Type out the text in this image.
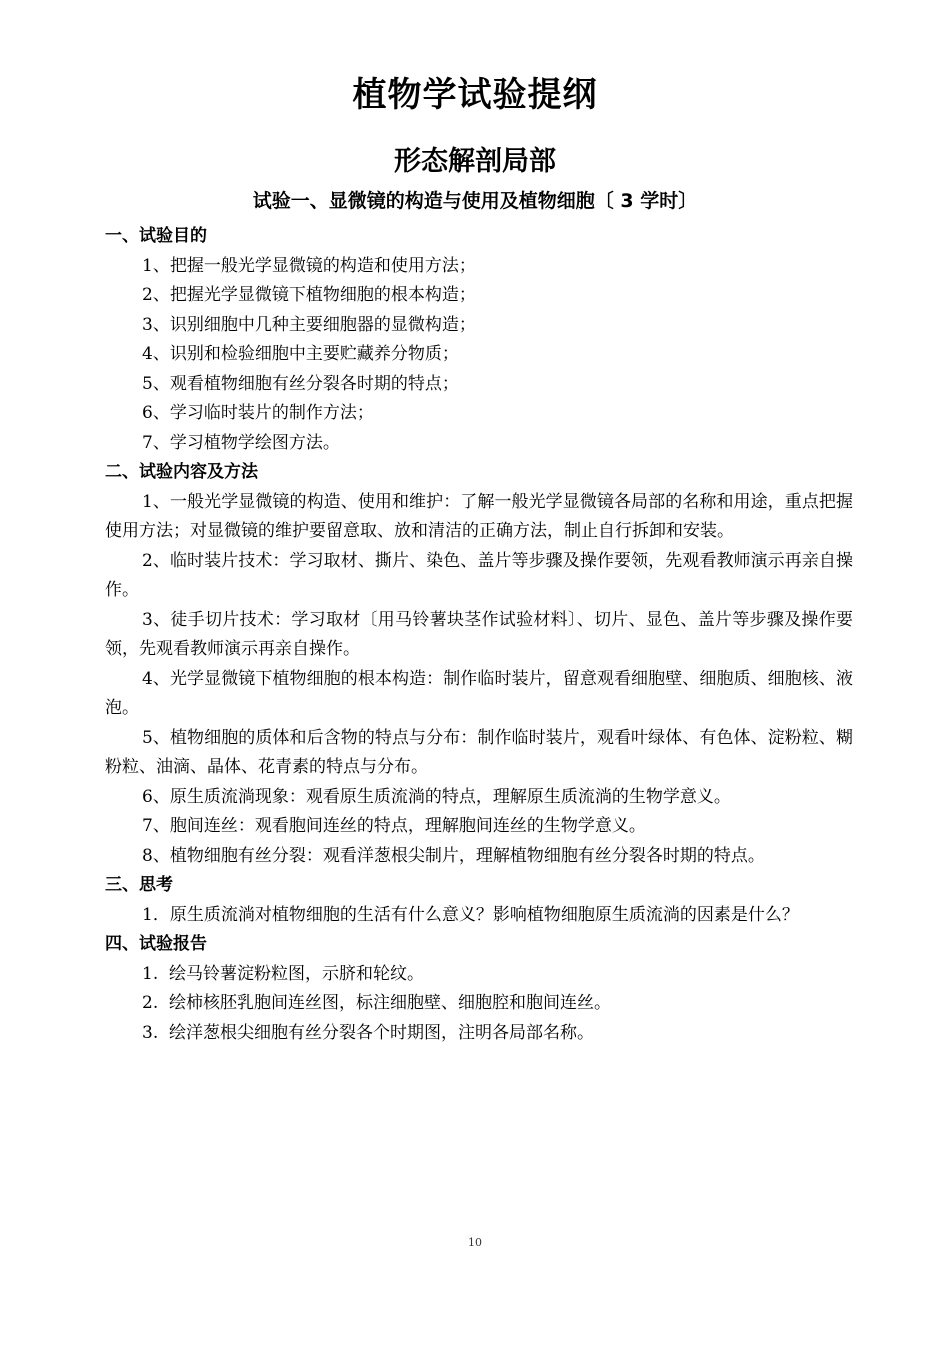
植物学试验提纲
形态解剖局部
试验一、显微镜的构造与使用及植物细胞〔 3 学时〕
一、试验目的
1、把握一般光学显微镜的构造和使用方法；
2、把握光学显微镜下植物细胞的根本构造；
3、识别细胞中几种主要细胞器的显微构造；
4、识别和检验细胞中主要贮藏养分物质；
5、观看植物细胞有丝分裂各时期的特点；
6、学习临时装片的制作方法；
7、学习植物学绘图方法。
二、试验内容及方法
1、一般光学显微镜的构造、使用和维护：了解一般光学显微镜各局部的名称和用途，重点把握使用方法；对显微镜的维护要留意取、放和清洁的正确方法，制止自行拆卸和安装。
2、临时装片技术：学习取材、撕片、染色、盖片等步骤及操作要领，先观看教师演示再亲自操作。
3、徒手切片技术：学习取材〔用马铃薯块茎作试验材料〕、切片、显色、盖片等步骤及操作要领，先观看教师演示再亲自操作。
4、光学显微镜下植物细胞的根本构造：制作临时装片，留意观看细胞壁、细胞质、细胞核、液泡。
5、植物细胞的质体和后含物的特点与分布：制作临时装片，观看叶绿体、有色体、淀粉粒、糊粉粒、油滴、晶体、花青素的特点与分布。
6、原生质流淌现象：观看原生质流淌的特点，理解原生质流淌的生物学意义。
7、胞间连丝：观看胞间连丝的特点，理解胞间连丝的生物学意义。
8、植物细胞有丝分裂：观看洋葱根尖制片，理解植物细胞有丝分裂各时期的特点。
三、思考
1．原生质流淌对植物细胞的生活有什么意义？影响植物细胞原生质流淌的因素是什么？
四、试验报告
1.  绘马铃薯淀粉粒图，示脐和轮纹。
2.  绘柿核胚乳胞间连丝图，标注细胞壁、细胞腔和胞间连丝。
3.  绘洋葱根尖细胞有丝分裂各个时期图，注明各局部名称。
10
